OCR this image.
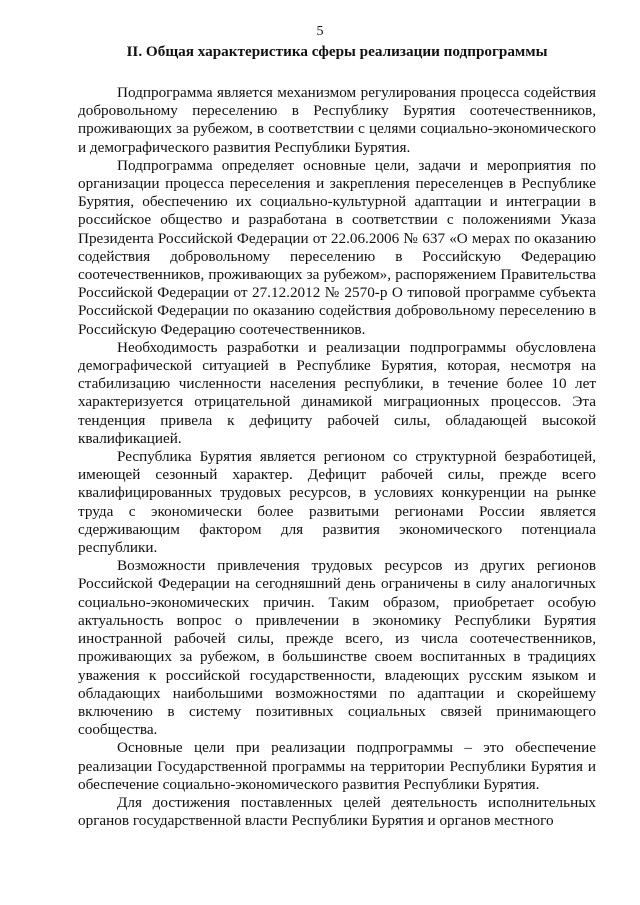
5
II. Общая характеристика сферы реализации подпрограммы

Подпрограмма является механизмом регулирования процесса содействия добровольному переселению в Республику Бурятия соотечественников, проживающих за рубежом, в соответствии с целями социально-экономического и демографического развития Республики Бурятия.

Подпрограмма определяет основные цели, задачи и мероприятия по организации процесса переселения и закрепления переселенцев в Республике Бурятия, обеспечению их социально-культурной адаптации и интеграции в российское общество и разработана в соответствии с положениями Указа Президента Российской Федерации от 22.06.2006 № 637 «О мерах по оказанию содействия добровольному переселению в Российскую Федерацию соотечественников, проживающих за рубежом», распоряжением Правительства Российской Федерации от 27.12.2012 № 2570-р О типовой программе субъекта Российской Федерации по оказанию содействия добровольному переселению в Российскую Федерацию соотечественников.

Необходимость разработки и реализации подпрограммы обусловлена демографической ситуацией в Республике Бурятия, которая, несмотря на стабилизацию численности населения республики, в течение более 10 лет характеризуется отрицательной динамикой миграционных процессов. Эта тенденция привела к дефициту рабочей силы, обладающей высокой квалификацией.

Республика Бурятия является регионом со структурной безработицей, имеющей сезонный характер. Дефицит рабочей силы, прежде всего квалифицированных трудовых ресурсов, в условиях конкуренции на рынке труда с экономически более развитыми регионами России является сдерживающим фактором для развития экономического потенциала республики.

Возможности привлечения трудовых ресурсов из других регионов Российской Федерации на сегодняшний день ограничены в силу аналогичных социально-экономических причин. Таким образом, приобретает особую актуальность вопрос о привлечении в экономику Республики Бурятия иностранной рабочей силы, прежде всего, из числа соотечественников, проживающих за рубежом, в большинстве своем воспитанных в традициях уважения к российской государственности, владеющих русским языком и обладающих наибольшими возможностями по адаптации и скорейшему включению в систему позитивных социальных связей принимающего сообщества.

Основные цели при реализации подпрограммы – это обеспечение реализации Государственной программы на территории Республики Бурятия и обеспечение социально-экономического развития Республики Бурятия.

Для достижения поставленных целей деятельность исполнительных органов государственной власти Республики Бурятия и органов местного
